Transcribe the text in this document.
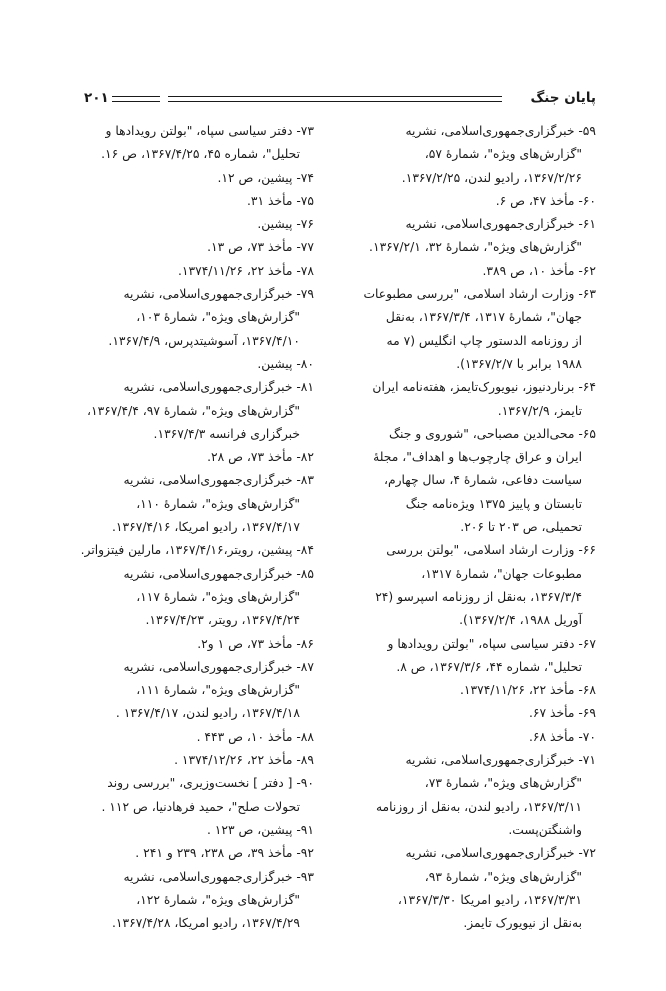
پایان جنگ
۲۰۱

۵۹- خبرگزاری‌جمهوری‌اسلامی، نشریه
"گزارش‌های ویژه"، شمارهٔ ۵۷،
۱۳۶۷/۲/۲۶، رادیو لندن، ۱۳۶۷/۲/۲۵.

۶۰- مأخذ ۴۷، ص ۶.

۶۱- خبرگزاری‌جمهوری‌اسلامی، نشریه
"گزارش‌های ویژه"، شمارهٔ ۳۲، ۱۳۶۷/۲/۱.

۶۲- مأخذ ۱۰، ص ۳۸۹.

۶۳- وزارت ارشاد اسلامی، "بررسی مطبوعات
جهان"، شمارهٔ ۱۳۱۷، ۱۳۶۷/۳/۴، به‌نقل
از روزنامه الدستور چاپ انگلیس (۷ مه
۱۹۸۸ برابر با ۱۳۶۷/۲/۷).

۶۴- برناردنیوز، نیویورک‌تایمز، هفته‌نامه ایران
تایمز، ۱۳۶۷/۲/۹.

۶۵- محی‌الدین مصباحی، "شوروی و جنگ
ایران و عراق چارچوب‌ها و اهداف"، مجلهٔ
سیاست دفاعی، شمارهٔ ۴، سال چهارم،
تابستان و پاییز ۱۳۷۵ ویژه‌نامه جنگ
تحمیلی، ص ۲۰۳ تا ۲۰۶.

۶۶- وزارت ارشاد اسلامی، "بولتن بررسی
مطبوعات جهان"، شمارهٔ ۱۳۱۷،
۱۳۶۷/۳/۴، به‌نقل از روزنامه اسپرسو (۲۴
آوریل ۱۹۸۸، ۱۳۶۷/۲/۴).

۶۷- دفتر سیاسی سپاه، "بولتن رویدادها و
تحلیل"، شماره ۴۴، ۱۳۶۷/۳/۶، ص ۸.

۶۸- مأخذ ۲۲، ۱۳۷۴/۱۱/۲۶.

۶۹- مأخذ ۶۷.

۷۰- مأخذ ۶۸.

۷۱- خبرگزاری‌جمهوری‌اسلامی، نشریه
"گزارش‌های ویژه"، شمارهٔ ۷۳،
۱۳۶۷/۳/۱۱، رادیو لندن، به‌نقل از روزنامه
واشنگتن‌پست.

۷۲- خبرگزاری‌جمهوری‌اسلامی، نشریه
"گزارش‌های ویژه"، شمارهٔ ۹۳،
۱۳۶۷/۳/۳۱، رادیو امریکا ۱۳۶۷/۳/۳۰،
به‌نقل از نیویورک تایمز.

۷۳- دفتر سیاسی سپاه، "بولتن رویدادها و
تحلیل"، شماره ۴۵، ۱۳۶۷/۴/۲۵، ص ۱۶.

۷۴- پیشین، ص ۱۲.

۷۵- مأخذ ۳۱.

۷۶- پیشین.

۷۷- مأخذ ۷۳، ص ۱۳.

۷۸- مأخذ ۲۲، ۱۳۷۴/۱۱/۲۶.

۷۹- خبرگزاری‌جمهوری‌اسلامی، نشریه
"گزارش‌های ویژه"، شمارهٔ ۱۰۳،
۱۳۶۷/۴/۱۰، آسوشیتدپرس، ۱۳۶۷/۴/۹.

۸۰- پیشین.

۸۱- خبرگزاری‌جمهوری‌اسلامی، نشریه
"گزارش‌های ویژه"، شمارهٔ ۹۷، ۱۳۶۷/۴/۴،
خبرگزاری فرانسه ۱۳۶۷/۴/۳.

۸۲- مأخذ ۷۳، ص ۲۸.

۸۳- خبرگزاری‌جمهوری‌اسلامی، نشریه
"گزارش‌های ویژه"، شمارهٔ ۱۱۰،
۱۳۶۷/۴/۱۷، رادیو امریکا، ۱۳۶۷/۴/۱۶.

۸۴- پیشین، رویتر،۱۳۶۷/۴/۱۶، مارلین فیتزواتر.

۸۵- خبرگزاری‌جمهوری‌اسلامی، نشریه
"گزارش‌های ویژه"، شمارهٔ ۱۱۷،
۱۳۶۷/۴/۲۴، رویتر، ۱۳۶۷/۴/۲۳.

۸۶- مأخذ ۷۳، ص ۱ و۲.

۸۷- خبرگزاری‌جمهوری‌اسلامی، نشریه
"گزارش‌های ویژه"، شمارهٔ ۱۱۱،
۱۳۶۷/۴/۱۸، رادیو لندن، ۱۳۶۷/۴/۱۷ .

۸۸- مأخذ ۱۰، ص ۴۴۳ .

۸۹- مأخذ ۲۲، ۱۳۷۴/۱۲/۲۶ .

۹۰- [ دفتر ] نخست‌وزیری، "بررسی روند
تحولات صلح"، حمید فرهادنیا، ص ۱۱۲ .

۹۱- پیشین، ص ۱۲۳ .

۹۲- مأخذ ۳۹، ص ۲۳۸، ۲۳۹ و ۲۴۱ .

۹۳- خبرگزاری‌جمهوری‌اسلامی، نشریه
"گزارش‌های ویژه"، شمارهٔ ۱۲۲،
۱۳۶۷/۴/۲۹، رادیو امریکا، ۱۳۶۷/۴/۲۸.
